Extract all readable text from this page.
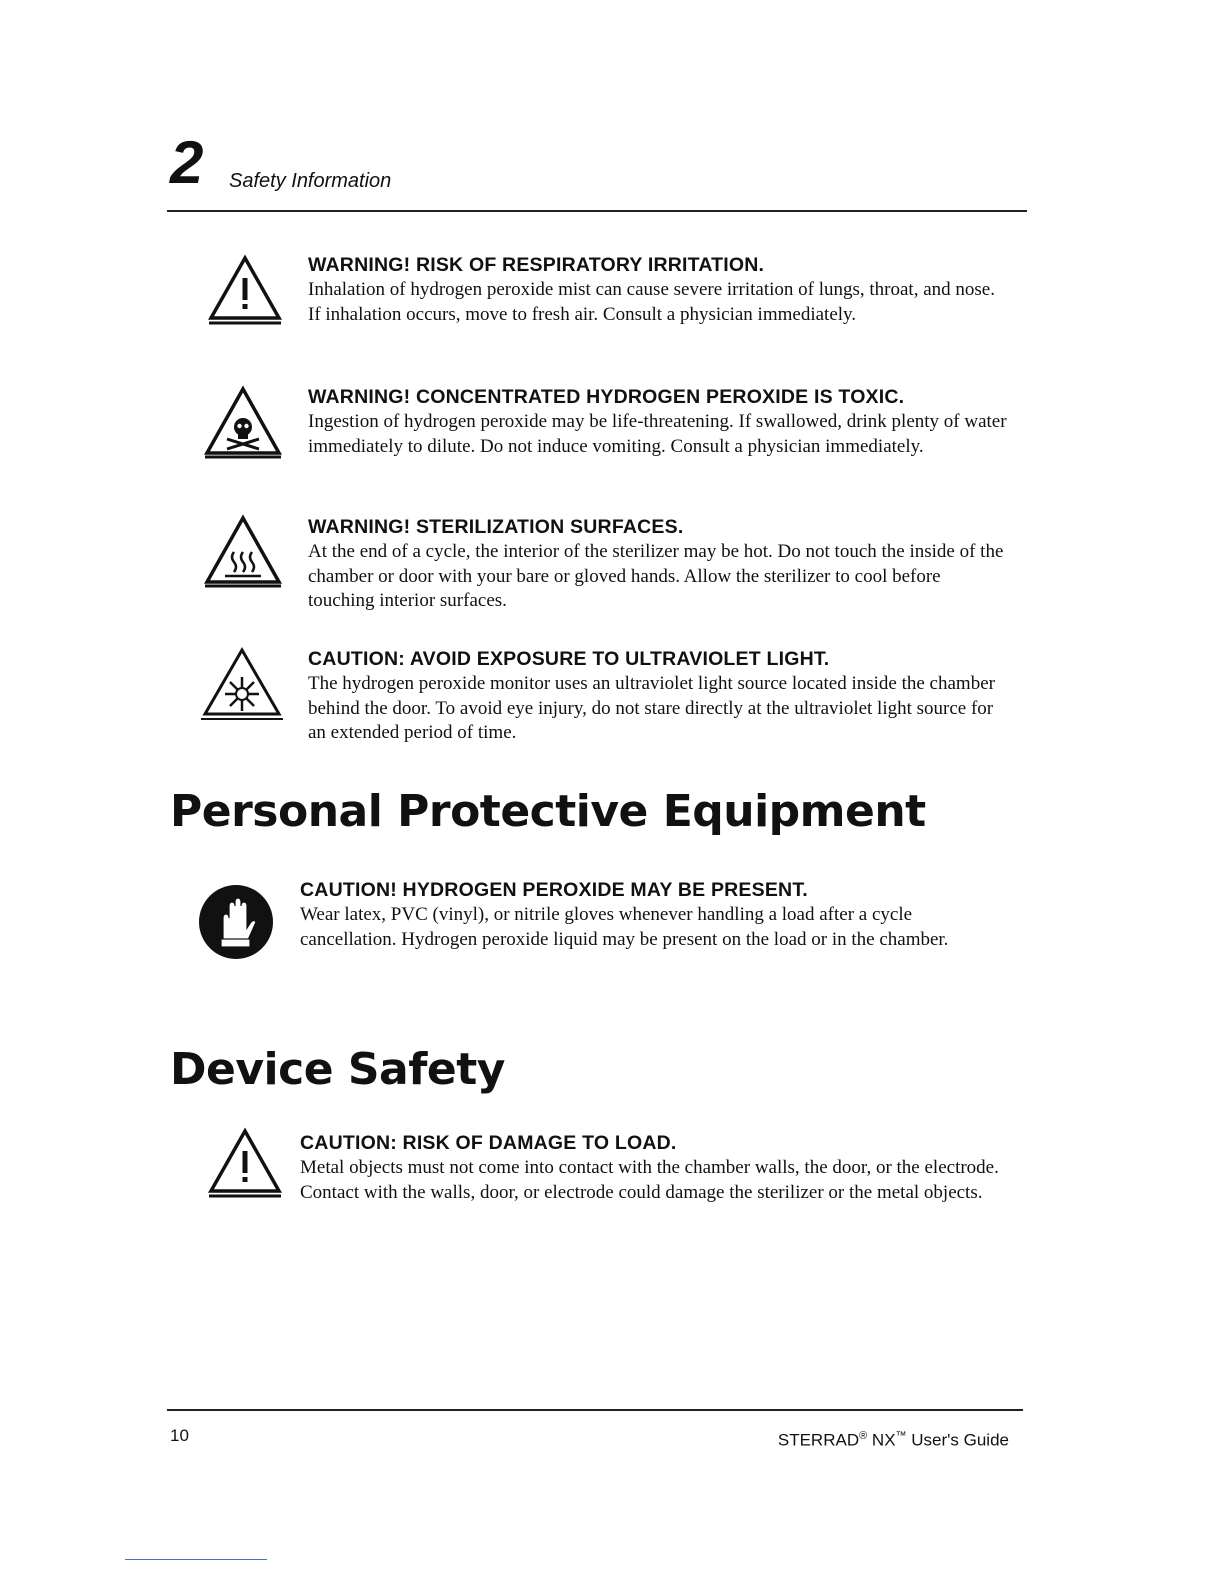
2 Safety Information
WARNING! RISK OF RESPIRATORY IRRITATION.
Inhalation of hydrogen peroxide mist can cause severe irritation of lungs, throat, and nose. If inhalation occurs, move to fresh air. Consult a physician immediately.
WARNING! CONCENTRATED HYDROGEN PEROXIDE IS TOXIC.
Ingestion of hydrogen peroxide may be life-threatening. If swallowed, drink plenty of water immediately to dilute. Do not induce vomiting. Consult a physician immediately.
WARNING! STERILIZATION SURFACES.
At the end of a cycle, the interior of the sterilizer may be hot. Do not touch the inside of the chamber or door with your bare or gloved hands. Allow the sterilizer to cool before touching interior surfaces.
CAUTION: AVOID EXPOSURE TO ULTRAVIOLET LIGHT.
The hydrogen peroxide monitor uses an ultraviolet light source located inside the chamber behind the door. To avoid eye injury, do not stare directly at the ultraviolet light source for an extended period of time.
Personal Protective Equipment
CAUTION! HYDROGEN PEROXIDE MAY BE PRESENT.
Wear latex, PVC (vinyl), or nitrile gloves whenever handling a load after a cycle cancellation. Hydrogen peroxide liquid may be present on the load or in the chamber.
Device Safety
CAUTION: RISK OF DAMAGE TO LOAD.
Metal objects must not come into contact with the chamber walls, the door, or the electrode. Contact with the walls, door, or electrode could damage the sterilizer or the metal objects.
10	STERRAD® NX™ User's Guide
